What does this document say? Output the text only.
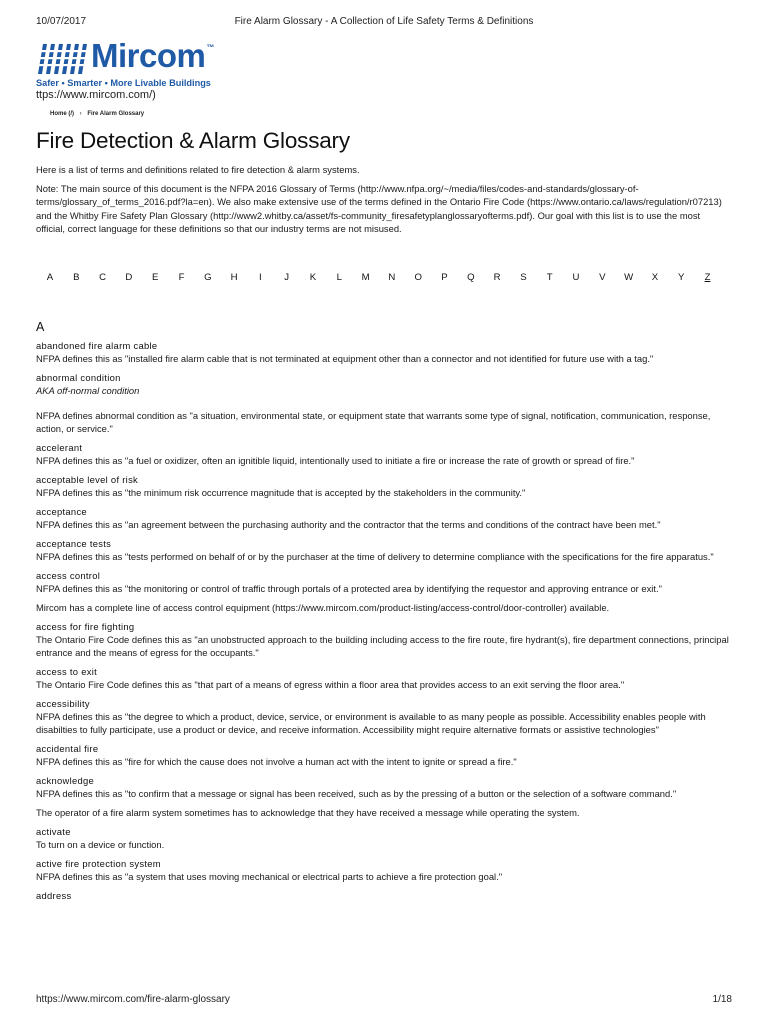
10/07/2017	Fire Alarm Glossary - A Collection of Life Safety Terms & Definitions
Mircom™
Safer • Smarter • More Livable Buildings
ttps://www.mircom.com/)
Home (/) › Fire Alarm Glossary
Fire Detection & Alarm Glossary

Here is a list of terms and definitions related to fire detection & alarm systems.

Note: The main source of this document is the NFPA 2016 Glossary of Terms (http://www.nfpa.org/~/media/files/codes-and-standards/glossary-of-terms/glossary_of_terms_2016.pdf?la=en). We also make extensive use of the terms defined in the Ontario Fire Code (https://www.ontario.ca/laws/regulation/r07213) and the Whitby Fire Safety Plan Glossary (http://www2.whitby.ca/asset/fs-community_firesafetyplanglossaryofterms.pdf). Our goal with this list is to use the most official, correct language for these definitions so that our industry terms are not misused.

A	B	C	D	E	F	G	H	I	J	K	L	M	N	O	P	Q	R	S	T	U	V	W	X	Y	Z
A
abandoned fire alarm cable

NFPA defines this as "installed fire alarm cable that is not terminated at equipment other than a connector and not identified for future use with a tag."

abnormal condition
AKA off-normal condition

NFPA defines abnormal condition as "a situation, environmental state, or equipment state that warrants some type of signal, notification, communication, response, action, or service."

accelerant

NFPA defines this as "a fuel or oxidizer, often an ignitible liquid, intentionally used to initiate a fire or increase the rate of growth or spread of fire."

acceptable level of risk

NFPA defines this as "the minimum risk occurrence magnitude that is accepted by the stakeholders in the community."

acceptance

NFPA defines this as "an agreement between the purchasing authority and the contractor that the terms and conditions of the contract have been met."

acceptance tests

NFPA defines this as "tests performed on behalf of or by the purchaser at the time of delivery to determine compliance with the specifications for the fire apparatus."

access control

NFPA defines this as "the monitoring or control of traffic through portals of a protected area by identifying the requestor and approving entrance or exit."

Mircom has a complete line of access control equipment (https://www.mircom.com/product-listing/access-control/door-controller) available.

access for fire fighting

The Ontario Fire Code defines this as "an unobstructed approach to the building including access to the fire route, fire hydrant(s), fire department connections, principal entrance and the means of egress for the occupants."

access to exit

The Ontario Fire Code defines this as "that part of a means of egress within a floor area that provides access to an exit serving the floor area."

accessibility

NFPA defines this as "the degree to which a product, device, service, or environment is available to as many people as possible. Accessibility enables people with disabilties to fully participate, use a product or device, and receive information. Accessibility might require alternative formats or assistive technologies"

accidental fire

NFPA defines this as "fire for which the cause does not involve a human act with the intent to ignite or spread a fire."

acknowledge

NFPA defines this as "to confirm that a message or signal has been received, such as by the pressing of a button or the selection of a software command."

The operator of a fire alarm system sometimes has to acknowledge that they have received a message while operating the system.

activate

To turn on a device or function.

active fire protection system

NFPA defines this as "a system that uses moving mechanical or electrical parts to achieve a fire protection goal."

address
https://www.mircom.com/fire-alarm-glossary	1/18
